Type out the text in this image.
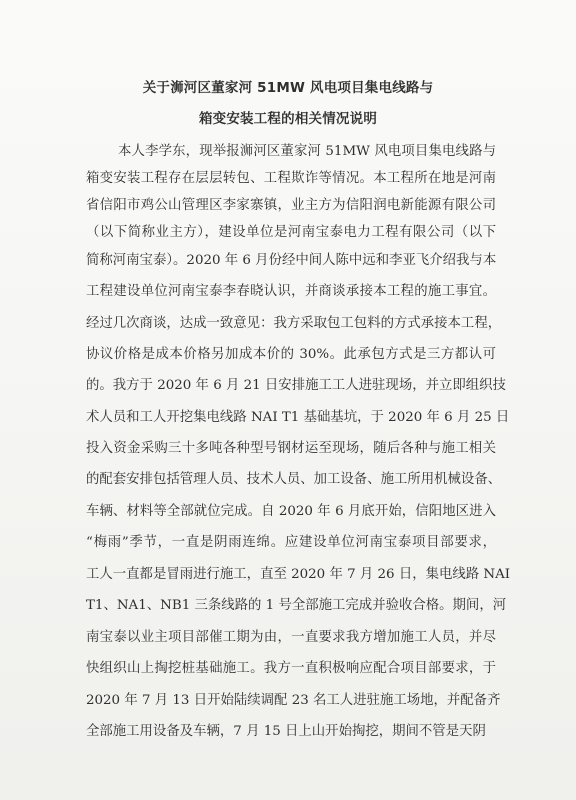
关于浉河区董家河 51MW 风电项目集电线路与
箱变安装工程的相关情况说明
本人李学东，现举报浉河区董家河 51MW 风电项目集电线路与
箱变安装工程存在层层转包、工程欺诈等情况。本工程所在地是河南
省信阳市鸡公山管理区李家寨镇，业主方为信阳润电新能源有限公司
（以下简称业主方），建设单位是河南宝泰电力工程有限公司（以下
简称河南宝泰）。2020 年 6 月份经中间人陈中远和李亚飞介绍我与本
工程建设单位河南宝泰李春晓认识，并商谈承接本工程的施工事宜。
经过几次商谈，达成一致意见：我方采取包工包料的方式承接本工程，
协议价格是成本价格另加成本价的 30%。此承包方式是三方都认可
的。我方于 2020 年 6 月 21 日安排施工工人进驻现场，并立即组织技
术人员和工人开挖集电线路 NAI T1 基础基坑，于 2020 年 6 月 25 日
投入资金采购三十多吨各种型号钢材运至现场，随后各种与施工相关
的配套安排包括管理人员、技术人员、加工设备、施工所用机械设备、
车辆、材料等全部就位完成。自 2020 年 6 月底开始，信阳地区进入
“梅雨”季节，一直是阴雨连绵。应建设单位河南宝泰项目部要求，
工人一直都是冒雨进行施工，直至 2020 年 7 月 26 日，集电线路 NAI
T1、NA1、NB1 三条线路的 1 号全部施工完成并验收合格。期间，河
南宝泰以业主项目部催工期为由，一直要求我方增加施工人员，并尽
快组织山上掏挖桩基础施工。我方一直积极响应配合项目部要求，于
2020 年 7 月 13 日开始陆续调配 23 名工人进驻施工场地，并配备齐
全部施工用设备及车辆，7 月 15 日上山开始掏挖，期间不管是天阴
